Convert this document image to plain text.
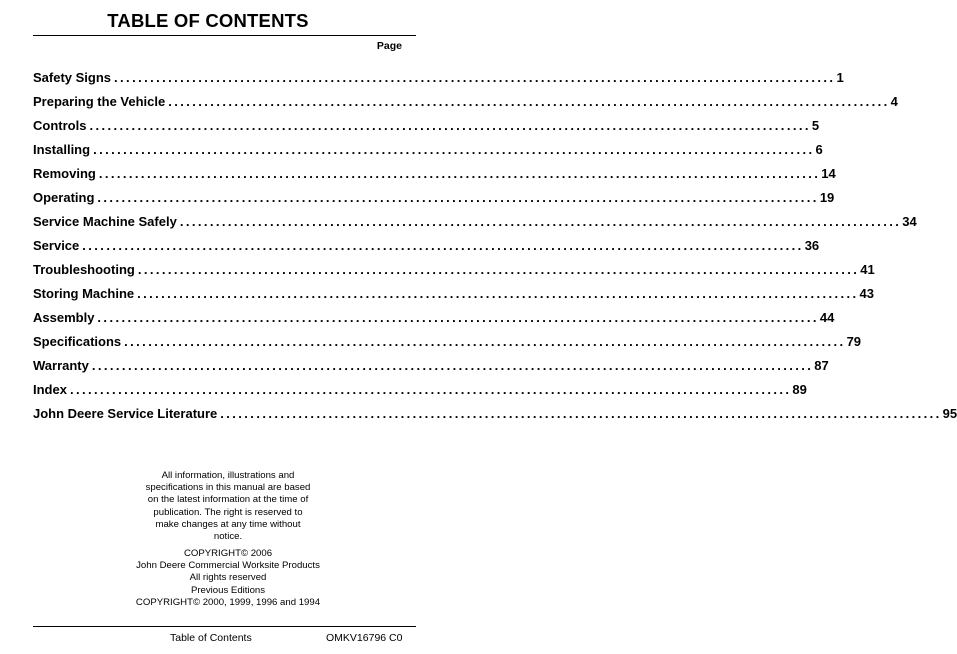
TABLE OF CONTENTS
Page
Safety Signs ........................................................................................................................ 1
Preparing the Vehicle ........................................................................................................................ 4
Controls ........................................................................................................................ 5
Installing ........................................................................................................................ 6
Removing ........................................................................................................................ 14
Operating ........................................................................................................................ 19
Service Machine Safely ........................................................................................................................ 34
Service ........................................................................................................................ 36
Troubleshooting ........................................................................................................................ 41
Storing Machine ........................................................................................................................ 43
Assembly ........................................................................................................................ 44
Specifications ........................................................................................................................ 79
Warranty ........................................................................................................................ 87
Index ........................................................................................................................ 89
John Deere Service Literature ........................................................................................................................ 95
All information, illustrations and
specifications in this manual are based
on the latest information at the time of
publication. The right is reserved to
make changes at any time without
notice.
COPYRIGHT© 2006
John Deere Commercial Worksite Products
All rights reserved
Previous Editions
COPYRIGHT© 2000, 1999, 1996 and 1994
Table of Contents	OMKV16796 C0
